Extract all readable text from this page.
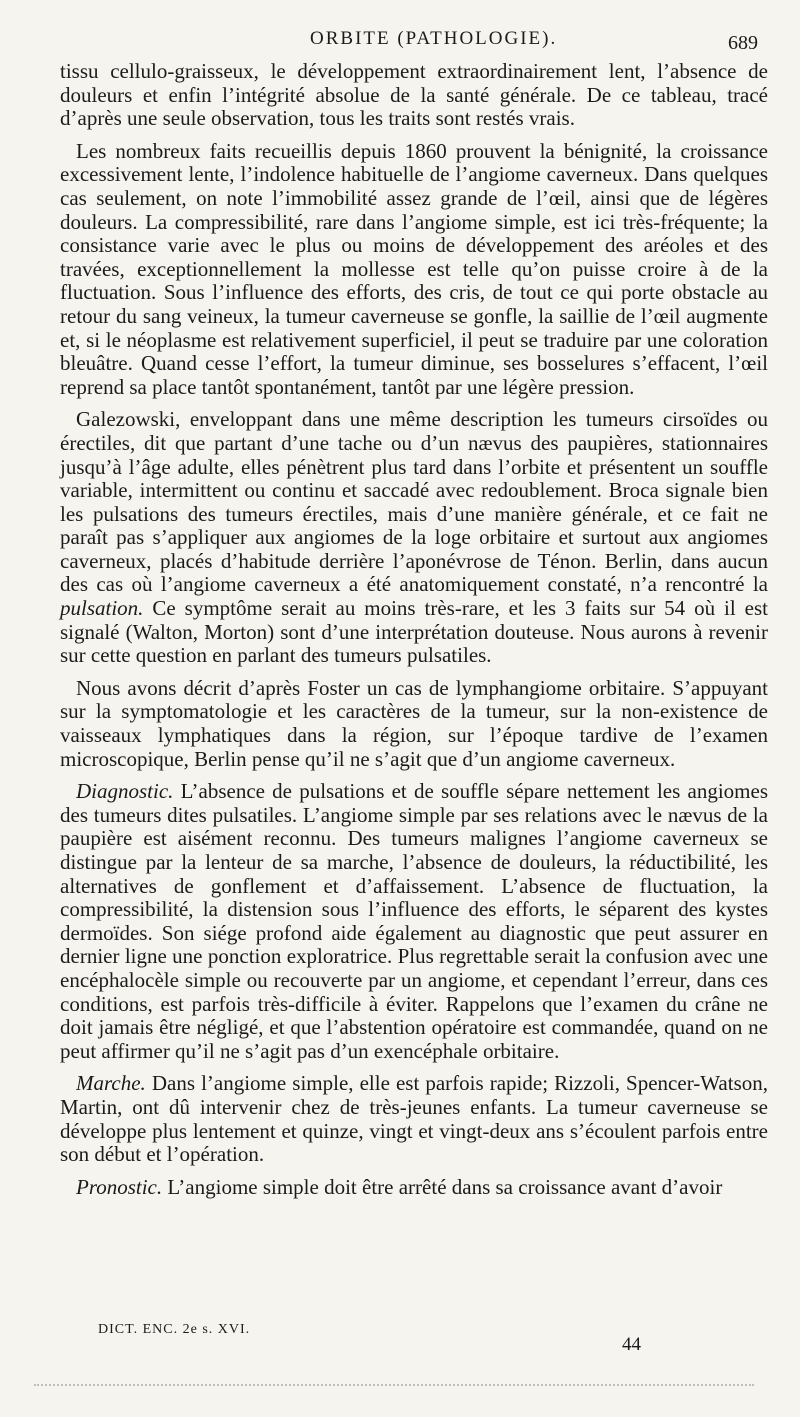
ORBITE (PATHOLOGIE).	689

tissu cellulo-graisseux, le développement extraordinairement lent, l’absence de douleurs et enfin l’intégrité absolue de la santé générale. De ce tableau, tracé d’après une seule observation, tous les traits sont restés vrais.

Les nombreux faits recueillis depuis 1860 prouvent la bénignité, la croissance excessivement lente, l’indolence habituelle de l’angiome caverneux. Dans quelques cas seulement, on note l’immobilité assez grande de l’œil, ainsi que de légères douleurs. La compressibilité, rare dans l’angiome simple, est ici très-fréquente; la consistance varie avec le plus ou moins de développement des aréoles et des travées, exceptionnellement la mollesse est telle qu’on puisse croire à de la fluctuation. Sous l’influence des efforts, des cris, de tout ce qui porte obstacle au retour du sang veineux, la tumeur caverneuse se gonfle, la saillie de l’œil augmente et, si le néoplasme est relativement superficiel, il peut se traduire par une coloration bleuâtre. Quand cesse l’effort, la tumeur diminue, ses bosselures s’effacent, l’œil reprend sa place tantôt spontanément, tantôt par une légère pression.

Galezowski, enveloppant dans une même description les tumeurs cirsoïdes ou érectiles, dit que partant d’une tache ou d’un nævus des paupières, stationnaires jusqu’à l’âge adulte, elles pénètrent plus tard dans l’orbite et présentent un souffle variable, intermittent ou continu et saccadé avec redoublement. Broca signale bien les pulsations des tumeurs érectiles, mais d’une manière générale, et ce fait ne paraît pas s’appliquer aux angiomes de la loge orbitaire et surtout aux angiomes caverneux, placés d’habitude derrière l’aponévrose de Ténon. Berlin, dans aucun des cas où l’angiome caverneux a été anatomiquement constaté, n’a rencontré la pulsation. Ce symptôme serait au moins très-rare, et les 3 faits sur 54 où il est signalé (Walton, Morton) sont d’une interprétation douteuse. Nous aurons à revenir sur cette question en parlant des tumeurs pulsatiles.

Nous avons décrit d’après Foster un cas de lymphangiome orbitaire. S’appuyant sur la symptomatologie et les caractères de la tumeur, sur la non-existence de vaisseaux lymphatiques dans la région, sur l’époque tardive de l’examen microscopique, Berlin pense qu’il ne s’agit que d’un angiome caverneux.

Diagnostic. L’absence de pulsations et de souffle sépare nettement les angiomes des tumeurs dites pulsatiles. L’angiome simple par ses relations avec le nævus de la paupière est aisément reconnu. Des tumeurs malignes l’angiome caverneux se distingue par la lenteur de sa marche, l’absence de douleurs, la réductibilité, les alternatives de gonflement et d’affaissement. L’absence de fluctuation, la compressibilité, la distension sous l’influence des efforts, le séparent des kystes dermoïdes. Son siége profond aide également au diagnostic que peut assurer en dernier ligne une ponction exploratrice. Plus regrettable serait la confusion avec une encéphalocèle simple ou recouverte par un angiome, et cependant l’erreur, dans ces conditions, est parfois très-difficile à éviter. Rappelons que l’examen du crâne ne doit jamais être négligé, et que l’abstention opératoire est commandée, quand on ne peut affirmer qu’il ne s’agit pas d’un exencéphale orbitaire.

Marche. Dans l’angiome simple, elle est parfois rapide; Rizzoli, Spencer-Watson, Martin, ont dû intervenir chez de très-jeunes enfants. La tumeur caverneuse se développe plus lentement et quinze, vingt et vingt-deux ans s’écoulent parfois entre son début et l’opération.

Pronostic. L’angiome simple doit être arrêté dans sa croissance avant d’avoir

DICT. ENC. 2e s. XVI.
44
